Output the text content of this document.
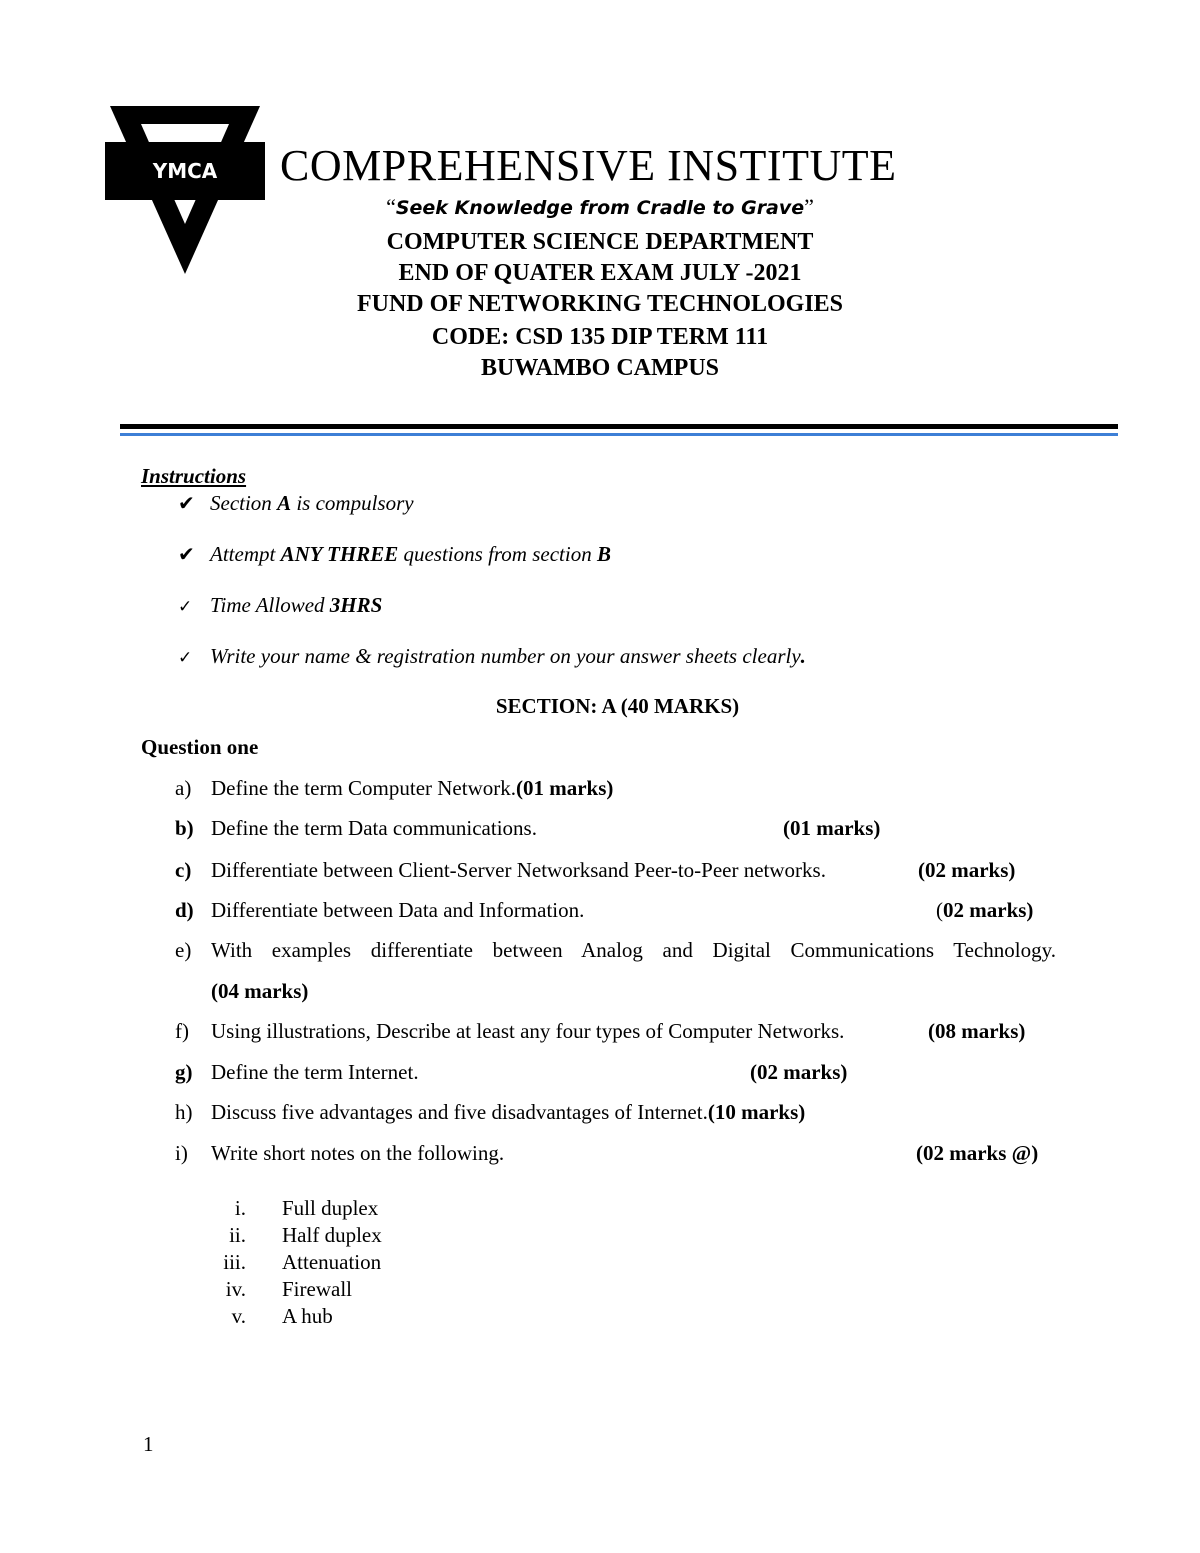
YMCA COMPREHENSIVE INSTITUTE
“Seek Knowledge from Cradle to Grave”
COMPUTER SCIENCE DEPARTMENT
END OF QUATER EXAM JULY -2021
FUND OF NETWORKING TECHNOLOGIES
CODE: CSD 135 DIP TERM 111
BUWAMBO CAMPUS
Instructions
✔ Section A is compulsory
✔ Attempt ANY THREE questions from section B
✓ Time Allowed 3HRS
✓ Write your name & registration number on your answer sheets clearly.
SECTION: A (40 MARKS)
Question one
a) Define the term Computer Network.(01 marks)
b) Define the term Data communications.	(01 marks)
c) Differentiate between Client-Server Networksand Peer-to-Peer networks.	(02 marks)
d) Differentiate between Data and Information.	(02 marks)
e) With examples differentiate between Analog and Digital Communications Technology.
(04 marks)
f) Using illustrations, Describe at least any four types of Computer Networks.	(08 marks)
g) Define the term Internet.	(02 marks)
h) Discuss five advantages and five disadvantages of Internet.(10 marks)
i) Write short notes on the following.	(02 marks @)
i. Full duplex
ii. Half duplex
iii. Attenuation
iv. Firewall
v. A hub
1
